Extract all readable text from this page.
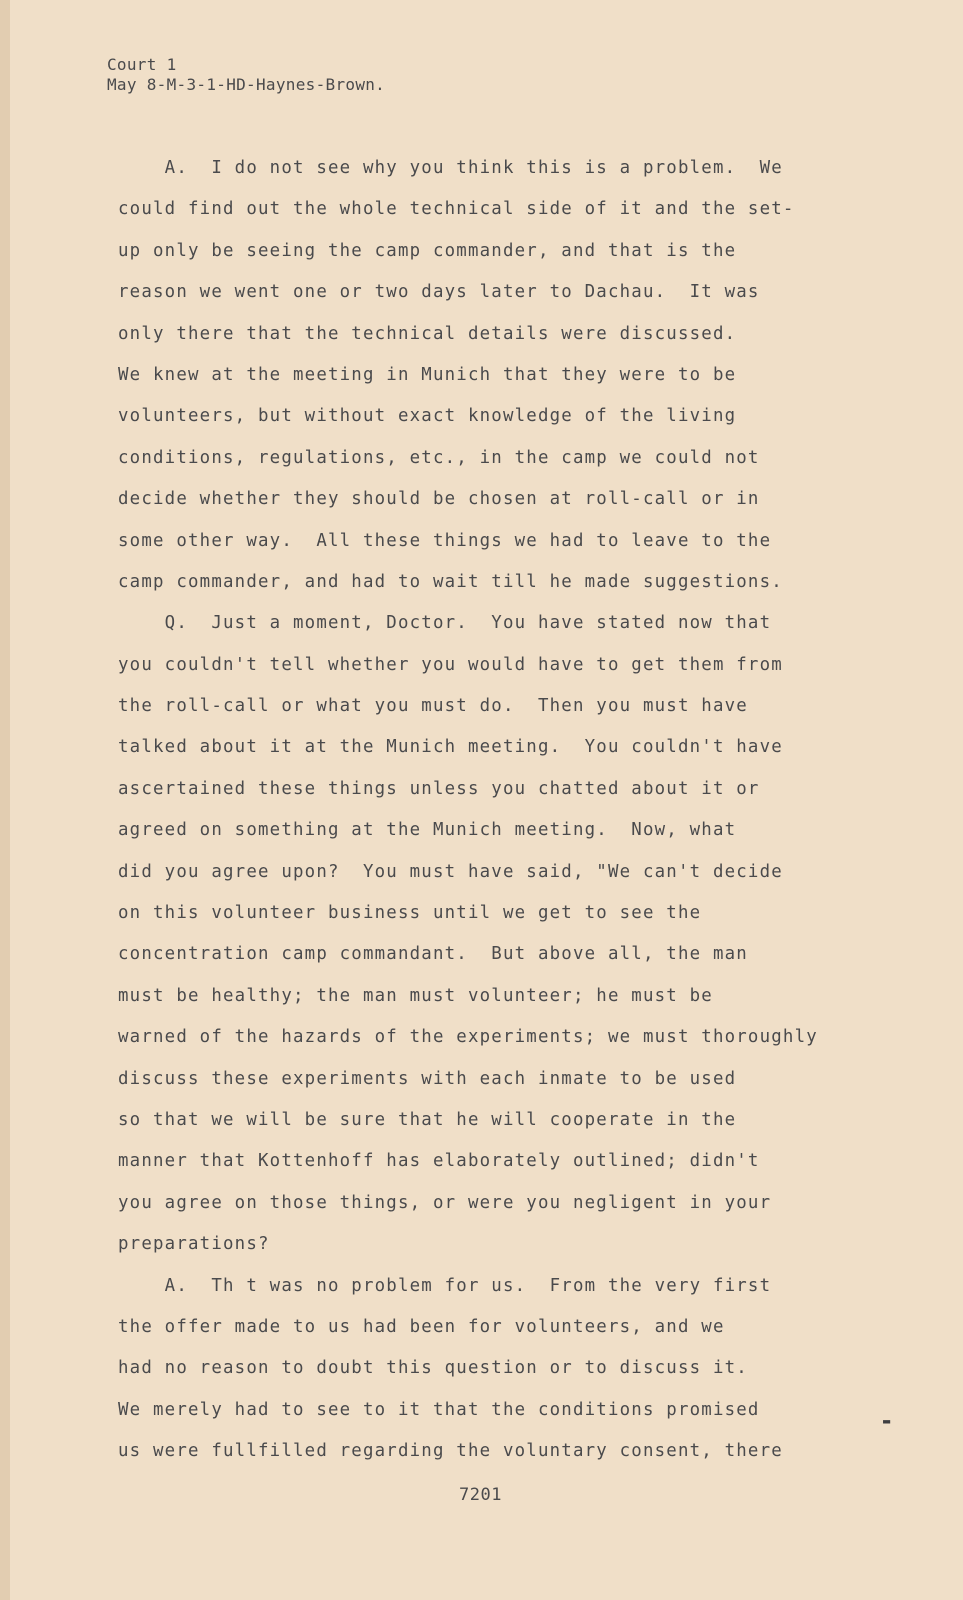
Court 1
May 8-M-3-1-HD-Haynes-Brown.
A.  I do not see why you think this is a problem.  We
could find out the whole technical side of it and the set-
up only be seeing the camp commander, and that is the
reason we went one or two days later to Dachau.  It was
only there that the technical details were discussed.
We knew at the meeting in Munich that they were to be
volunteers, but without exact knowledge of the living
conditions, regulations, etc., in the camp we could not
decide whether they should be chosen at roll-call or in
some other way.  All these things we had to leave to the
camp commander, and had to wait till he made suggestions.
Q.  Just a moment, Doctor.  You have stated now that
you couldn't tell whether you would have to get them from
the roll-call or what you must do.  Then you must have
talked about it at the Munich meeting.  You couldn't have
ascertained these things unless you chatted about it or
agreed on something at the Munich meeting.  Now, what
did you agree upon?  You must have said, "We can't decide
on this volunteer business until we get to see the
concentration camp commandant.  But above all, the man
must be healthy; the man must volunteer; he must be
warned of the hazards of the experiments; we must thoroughly
discuss these experiments with each inmate to be used
so that we will be sure that he will cooperate in the
manner that Kottenhoff has elaborately outlined; didn't
you agree on those things, or were you negligent in your
preparations?
A.  Th t was no problem for us.  From the very first
the offer made to us had been for volunteers, and we
had no reason to doubt this question or to discuss it.
We merely had to see to it that the conditions promised
us were fullfilled regarding the voluntary consent, there
▬
7201
